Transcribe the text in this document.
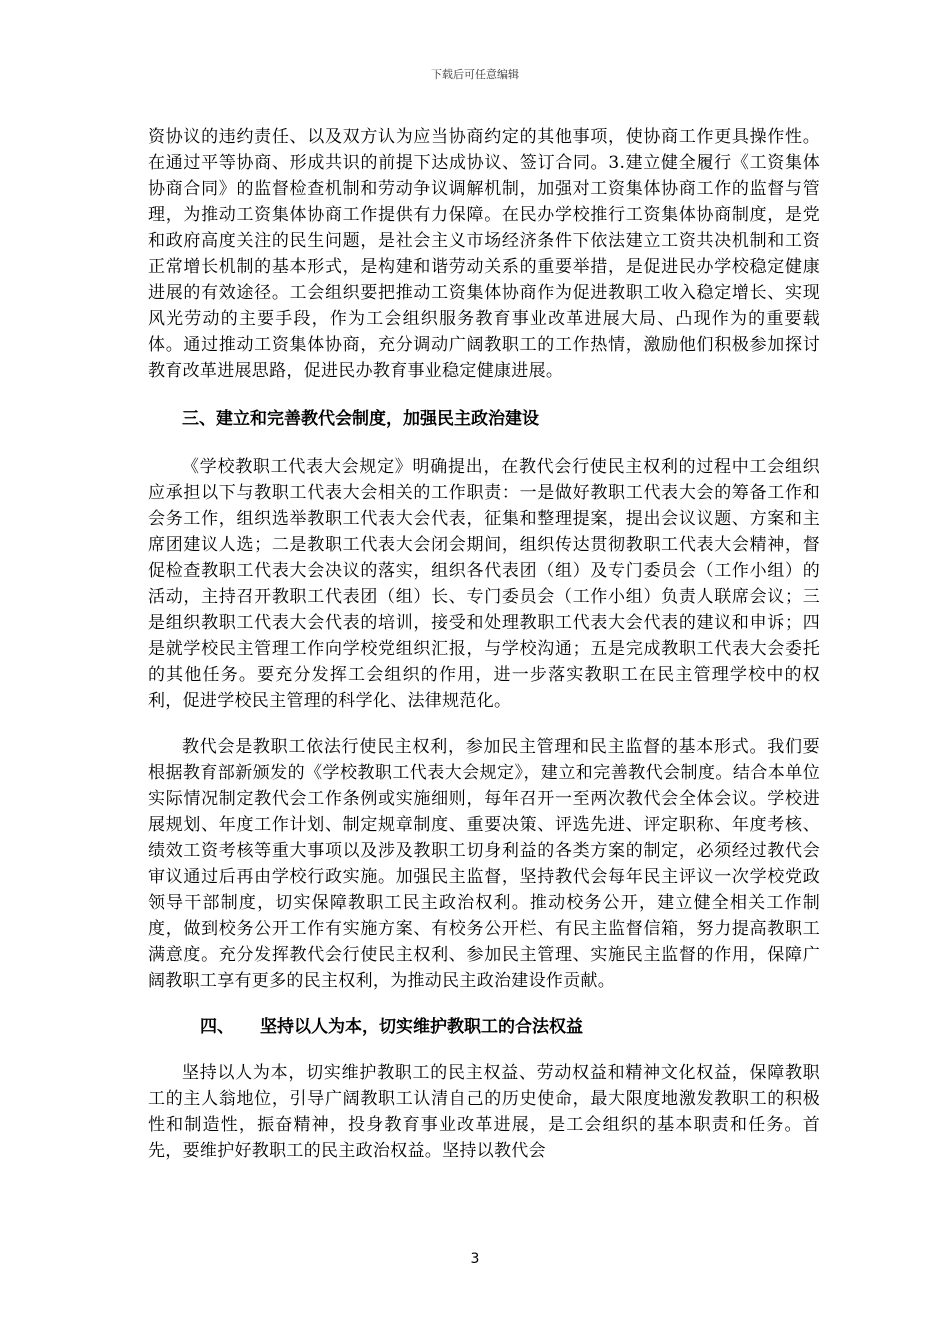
下载后可任意编辑

资协议的违约责任、以及双方认为应当协商约定的其他事项，使协商工作更具操作性。在通过平等协商、形成共识的前提下达成协议、签订合同。3.建立健全履行《工资集体协商合同》的监督检查机制和劳动争议调解机制，加强对工资集体协商工作的监督与管理，为推动工资集体协商工作提供有力保障。在民办学校推行工资集体协商制度，是党和政府高度关注的民生问题，是社会主义市场经济条件下依法建立工资共决机制和工资正常增长机制的基本形式，是构建和谐劳动关系的重要举措，是促进民办学校稳定健康进展的有效途径。工会组织要把推动工资集体协商作为促进教职工收入稳定增长、实现风光劳动的主要手段，作为工会组织服务教育事业改革进展大局、凸现作为的重要载体。通过推动工资集体协商，充分调动广阔教职工的工作热情，激励他们积极参加探讨教育改革进展思路，促进民办教育事业稳定健康进展。

三、建立和完善教代会制度，加强民主政治建设

《学校教职工代表大会规定》明确提出，在教代会行使民主权利的过程中工会组织应承担以下与教职工代表大会相关的工作职责：一是做好教职工代表大会的筹备工作和会务工作，组织选举教职工代表大会代表，征集和整理提案，提出会议议题、方案和主席团建议人选；二是教职工代表大会闭会期间，组织传达贯彻教职工代表大会精神，督促检查教职工代表大会决议的落实，组织各代表团（组）及专门委员会（工作小组）的活动，主持召开教职工代表团（组）长、专门委员会（工作小组）负责人联席会议；三是组织教职工代表大会代表的培训，接受和处理教职工代表大会代表的建议和申诉；四是就学校民主管理工作向学校党组织汇报，与学校沟通；五是完成教职工代表大会委托的其他任务。要充分发挥工会组织的作用，进一步落实教职工在民主管理学校中的权利，促进学校民主管理的科学化、法律规范化。

教代会是教职工依法行使民主权利，参加民主管理和民主监督的基本形式。我们要根据教育部新颁发的《学校教职工代表大会规定》，建立和完善教代会制度。结合本单位实际情况制定教代会工作条例或实施细则，每年召开一至两次教代会全体会议。学校进展规划、年度工作计划、制定规章制度、重要决策、评选先进、评定职称、年度考核、绩效工资考核等重大事项以及涉及教职工切身利益的各类方案的制定，必须经过教代会审议通过后再由学校行政实施。加强民主监督，坚持教代会每年民主评议一次学校党政领导干部制度，切实保障教职工民主政治权利。推动校务公开，建立健全相关工作制度，做到校务公开工作有实施方案、有校务公开栏、有民主监督信箱，努力提高教职工满意度。充分发挥教代会行使民主权利、参加民主管理、实施民主监督的作用，保障广阔教职工享有更多的民主权利，为推动民主政治建设作贡献。

四、 坚持以人为本，切实维护教职工的合法权益

坚持以人为本，切实维护教职工的民主权益、劳动权益和精神文化权益，保障教职工的主人翁地位，引导广阔教职工认清自己的历史使命，最大限度地激发教职工的积极性和制造性，振奋精神，投身教育事业改革进展，是工会组织的基本职责和任务。首先，要维护好教职工的民主政治权益。坚持以教代会

3
